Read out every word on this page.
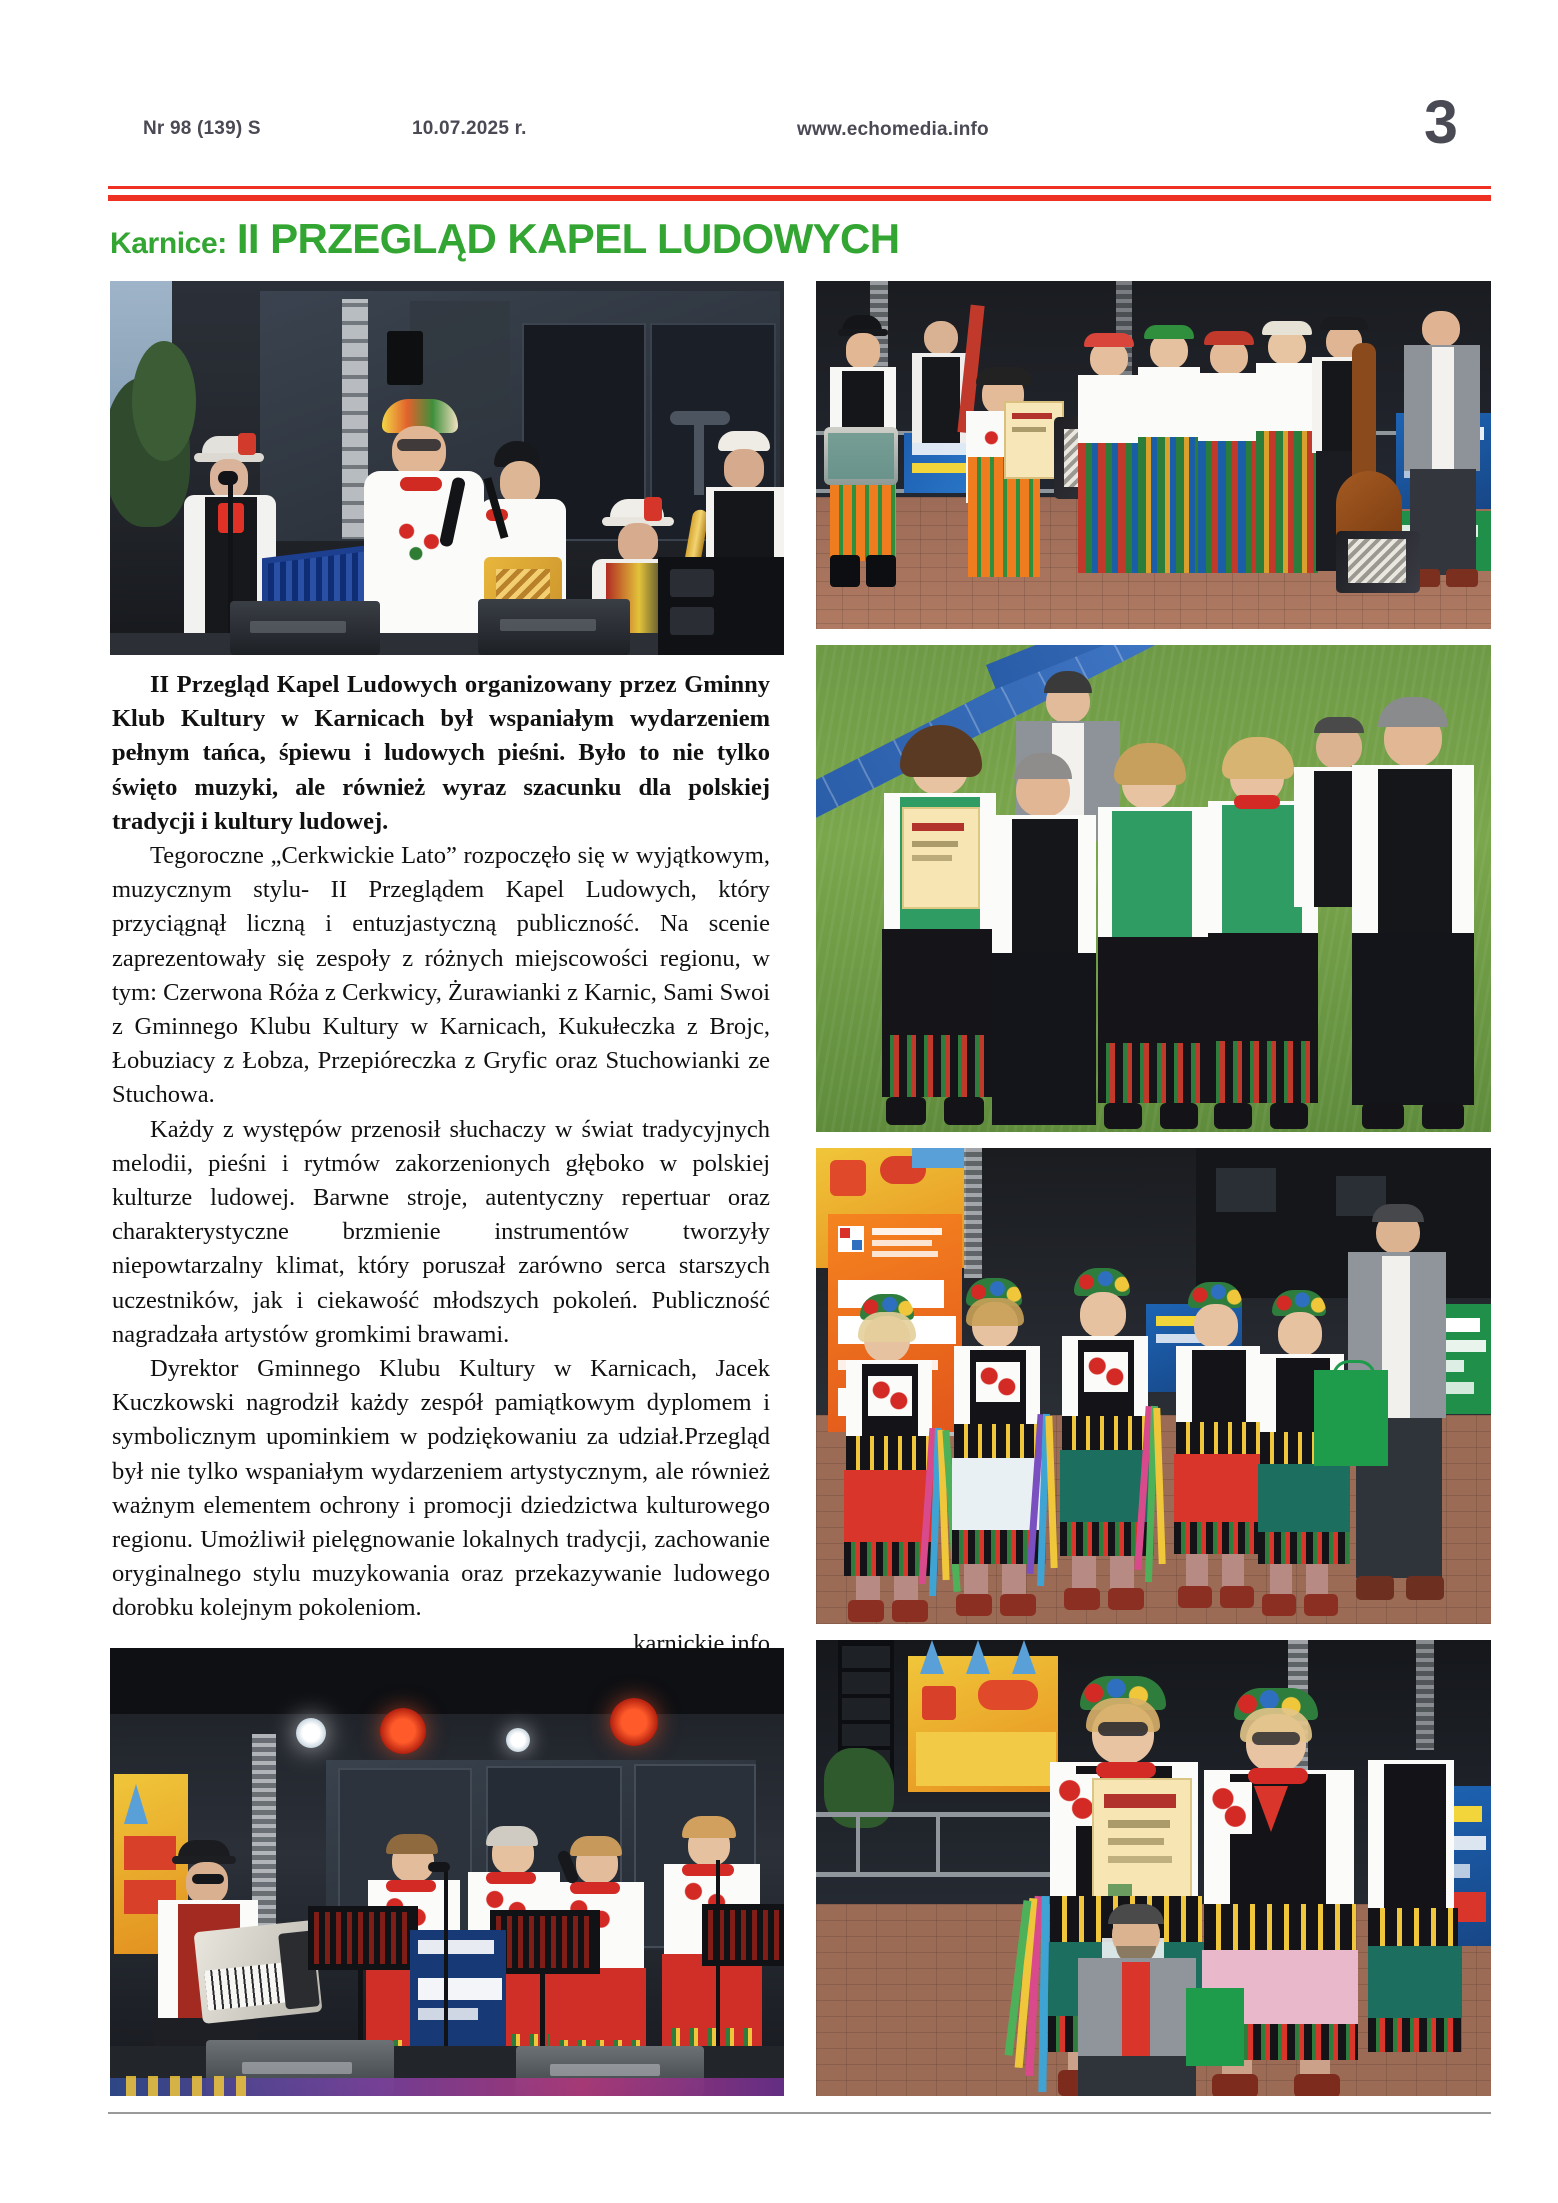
Nr 98 (139) S	10.07.2025 r.	www.echomedia.info	3
Karnice: II PRZEGLĄD KAPEL LUDOWYCH

II Przegląd Kapel Ludowych organizowany przez Gminny Klub Kultury w Karnicach był wspaniałym wydarzeniem pełnym tańca, śpiewu i ludowych pieśni. Było to nie tylko święto muzyki, ale również wyraz szacunku dla polskiej tradycji i kultury ludowej.

Tegoroczne „Cerkwickie Lato” rozpoczęło się w wyjątkowym, muzycznym stylu- II Przeglądem Kapel Ludowych, który przyciągnął liczną i entuzjastyczną publiczność. Na scenie zaprezentowały się zespoły z różnych miejscowości regionu, w tym: Czerwona Róża z Cerkwicy, Żurawianki z Karnic, Sami Swoi z Gminnego Klubu Kultury w Karnicach, Kukułeczka z Brojc, Łobuziacy z Łobza, Przepióreczka z Gryfic oraz Stuchowianki ze Stuchowa.

Każdy z występów przenosił słuchaczy w świat tradycyjnych melodii, pieśni i rytmów zakorzenionych głęboko w polskiej kulturze ludowej. Barwne stroje, autentyczny repertuar oraz charakterystyczne brzmienie instrumentów tworzyły niepowtarzalny klimat, który poruszał zarówno serca starszych uczestników, jak i ciekawość młodszych pokoleń. Publiczność nagradzała artystów gromkimi brawami.

Dyrektor Gminnego Klubu Kultury w Karnicach, Jacek Kuczkowski nagrodził każdy zespół pamiątkowym dyplomem i symbolicznym upominkiem w podziękowaniu za udział.Przegląd był nie tylko wspaniałym wydarzeniem artystycznym, ale również ważnym elementem ochrony i promocji dziedzictwa kulturowego regionu. Umożliwił pielęgnowanie lokalnych tradycji, zachowanie oryginalnego stylu muzykowania oraz przekazywanie ludowego dorobku kolejnym pokoleniom.

karnickie.info
